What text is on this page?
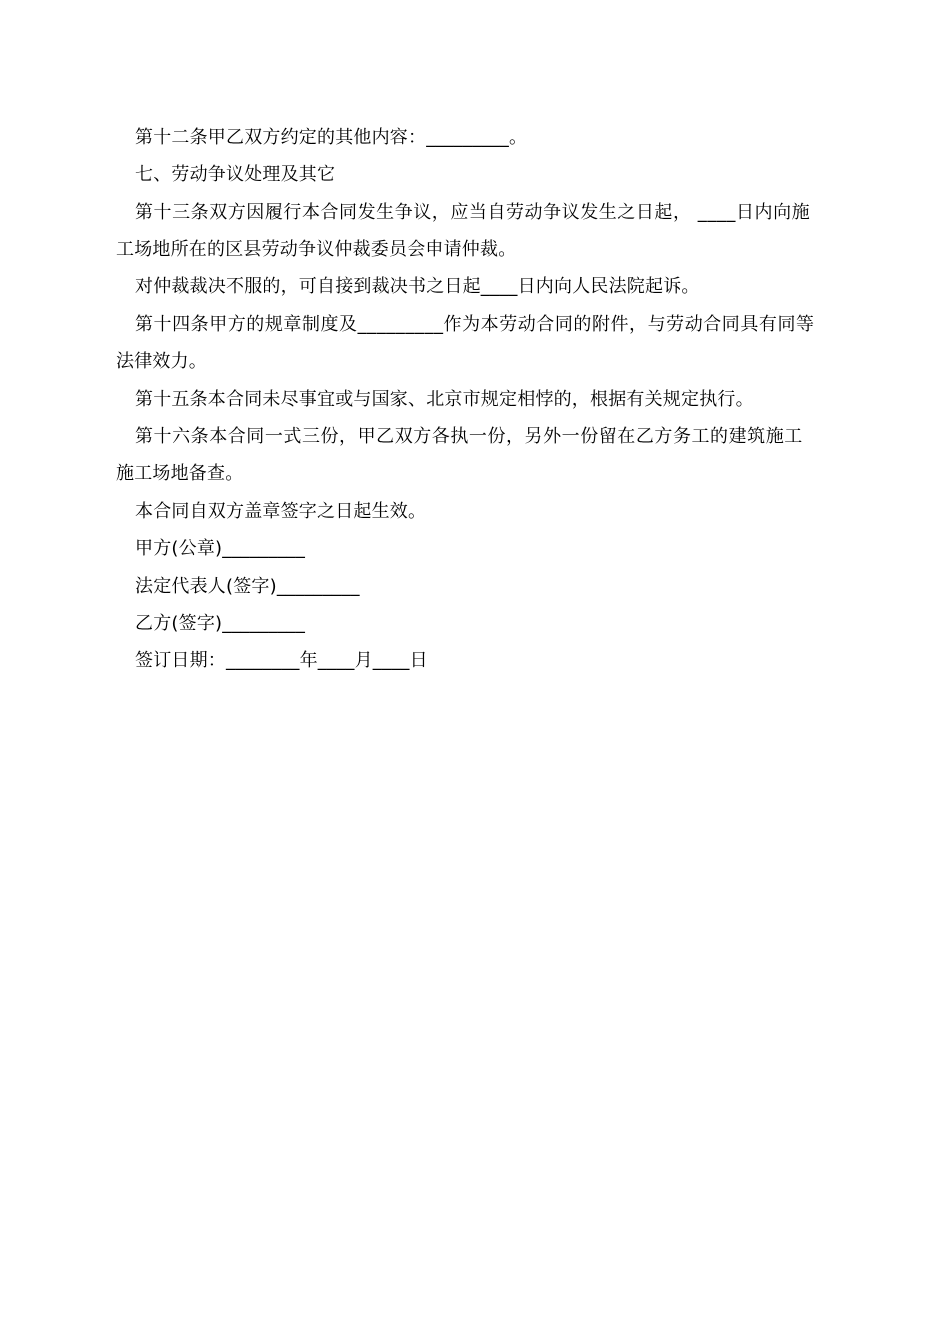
第十二条甲乙双方约定的其他内容：_________。
七、劳动争议处理及其它
第十三条双方因履行本合同发生争议，应当自劳动争议发生之日起， ____日内向施
工场地所在的区县劳动争议仲裁委员会申请仲裁。
对仲裁裁决不服的，可自接到裁决书之日起____日内向人民法院起诉。
第十四条甲方的规章制度及_________作为本劳动合同的附件，与劳动合同具有同等
法律效力。
第十五条本合同未尽事宜或与国家、北京市规定相悖的，根据有关规定执行。
第十六条本合同一式三份，甲乙双方各执一份，另外一份留在乙方务工的建筑施工
施工场地备查。
本合同自双方盖章签字之日起生效。
甲方(公章)_________
法定代表人(签字)_________
乙方(签字)_________
签订日期：________年____月____日
